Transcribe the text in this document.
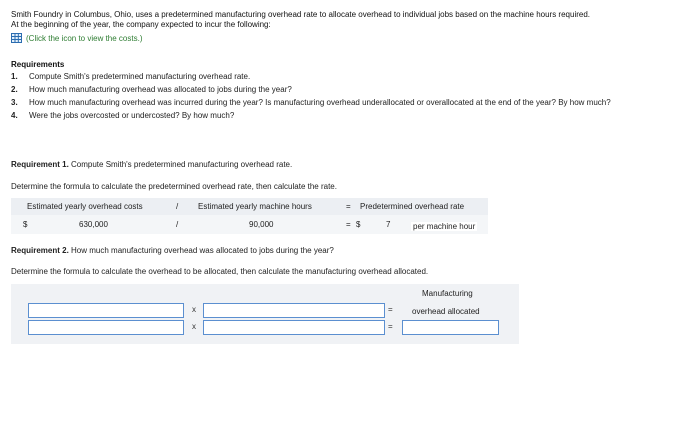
Smith Foundry in Columbus, Ohio, uses a predetermined manufacturing overhead rate to allocate overhead to individual jobs based on the machine hours required.
At the beginning of the year, the company expected to incur the following:
(Click the icon to view the costs.)
Requirements
1.	Compute Smith's predetermined manufacturing overhead rate.
2.	How much manufacturing overhead was allocated to jobs during the year?
3.	How much manufacturing overhead was incurred during the year? Is manufacturing overhead underallocated or overallocated at the end of the year? By how much?
4.	Were the jobs overcosted or undercosted? By how much?
Requirement 1. Compute Smith's predetermined manufacturing overhead rate.
Determine the formula to calculate the predetermined overhead rate, then calculate the rate.
Estimated yearly overhead costs	/ Estimated yearly machine hours	= Predetermined overhead rate
$	630,000	/	90,000	= $	7	per machine hour
Requirement 2. How much manufacturing overhead was allocated to jobs during the year?
Determine the formula to calculate the overhead to be allocated, then calculate the manufacturing overhead allocated.
Manufacturing
overhead allocated
x	=
x	=
